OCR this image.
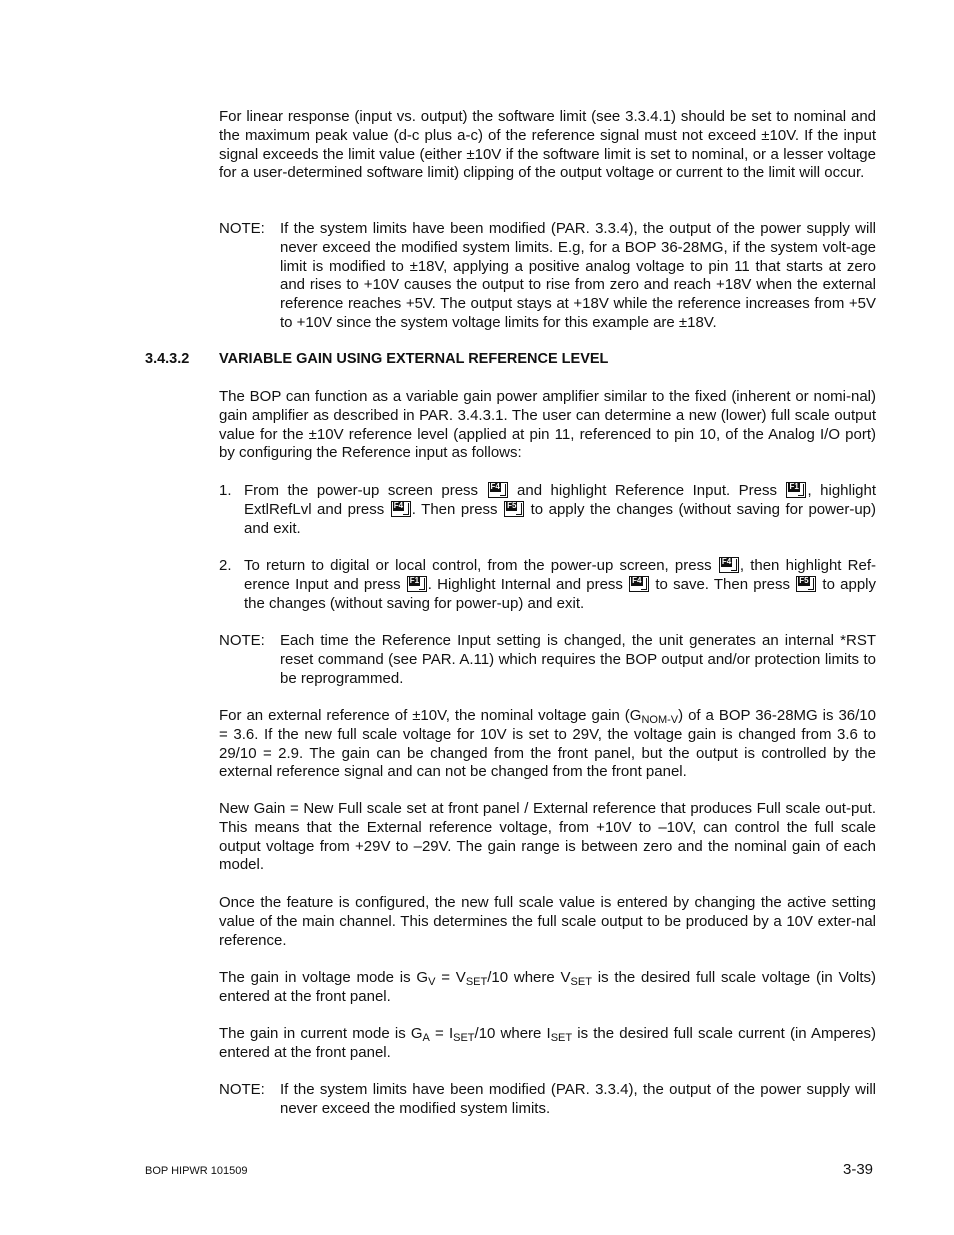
For linear response (input vs. output) the software limit (see 3.3.4.1) should be set to nominal and the maximum peak value (d-c plus a-c) of the reference signal must not exceed ±10V. If the input signal exceeds the limit value (either ±10V if the software limit is set to nominal, or a lesser voltage for a user-determined software limit) clipping of the output voltage or current to the limit will occur.

NOTE: If the system limits have been modified (PAR. 3.3.4), the output of the power supply will never exceed the modified system limits. E.g, for a BOP 36-28MG, if the system volt-age limit is modified to ±18V, applying a positive analog voltage to pin 11 that starts at zero and rises to +10V causes the output to rise from zero and reach +18V when the external reference reaches +5V. The output stays at +18V while the reference increases from +5V to +10V since the system voltage limits for this example are ±18V.
3.4.3.2 VARIABLE GAIN USING EXTERNAL REFERENCE LEVEL

The BOP can function as a variable gain power amplifier similar to the fixed (inherent or nomi-nal) gain amplifier as described in PAR. 3.4.3.1. The user can determine a new (lower) full scale output value for the ±10V reference level (applied at pin 11, referenced to pin 10, of the Analog I/O port) by configuring the Reference input as follows:

1. From the power-up screen press F4 and highlight Reference Input. Press F1 , highlight ExtlRefLvl and press F4 . Then press F5 to apply the changes (without saving for power-up) and exit.
2. To return to digital or local control, from the power-up screen, press F4 , then highlight Ref-erence Input and press F1 . Highlight Internal and press F4 to save. Then press F5 to apply the changes (without saving for power-up) and exit.
NOTE: Each time the Reference Input setting is changed, the unit generates an internal *RST reset command (see PAR. A.11) which requires the BOP output and/or protection limits to be reprogrammed.

For an external reference of ±10V, the nominal voltage gain $(G_{NOM-V})$ of a BOP 36-28MG is 36/10 = 3.6. If the new full scale voltage for 10V is set to 29V, the voltage gain is changed from 3.6 to 29/10 = 2.9. The gain can be changed from the front panel, but the output is controlled by the external reference signal and can not be changed from the front panel.

New Gain = New Full scale set at front panel / External reference that produces Full scale out-put. This means that the External reference voltage, from +10V to –10V, can control the full scale output voltage from +29V to –29V. The gain range is between zero and the nominal gain of each model.

Once the feature is configured, the new full scale value is entered by changing the active setting value of the main channel. This determines the full scale output to be produced by a 10V exter-nal reference.

The gain in voltage mode is $G_V = V_{SET}/10$ where $V_{SET}$ is the desired full scale voltage (in Volts) entered at the front panel.

The gain in current mode is $G_A = I_{SET}/10$ where $I_{SET}$ is the desired full scale current (in Amperes) entered at the front panel.

NOTE: If the system limits have been modified (PAR. 3.3.4), the output of the power supply will never exceed the modified system limits.
BOP HIPWR 101509	3-39
